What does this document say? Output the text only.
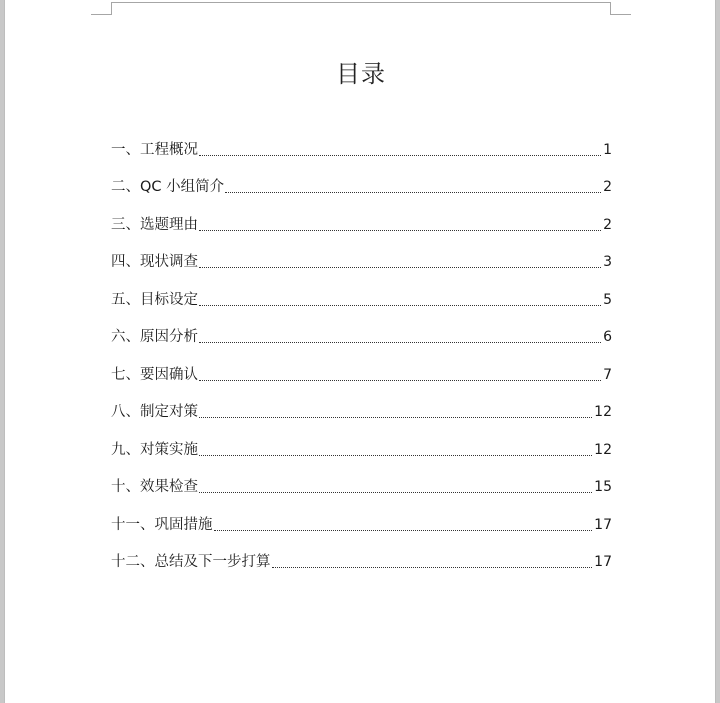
目录
一、工程概况	1
二、QC 小组简介	2
三、选题理由	2
四、现状调查	3
五、目标设定	5
六、原因分析	6
七、要因确认	7
八、制定对策	12
九、对策实施	12
十、效果检查	15
十一、巩固措施	17
十二、总结及下一步打算	17
